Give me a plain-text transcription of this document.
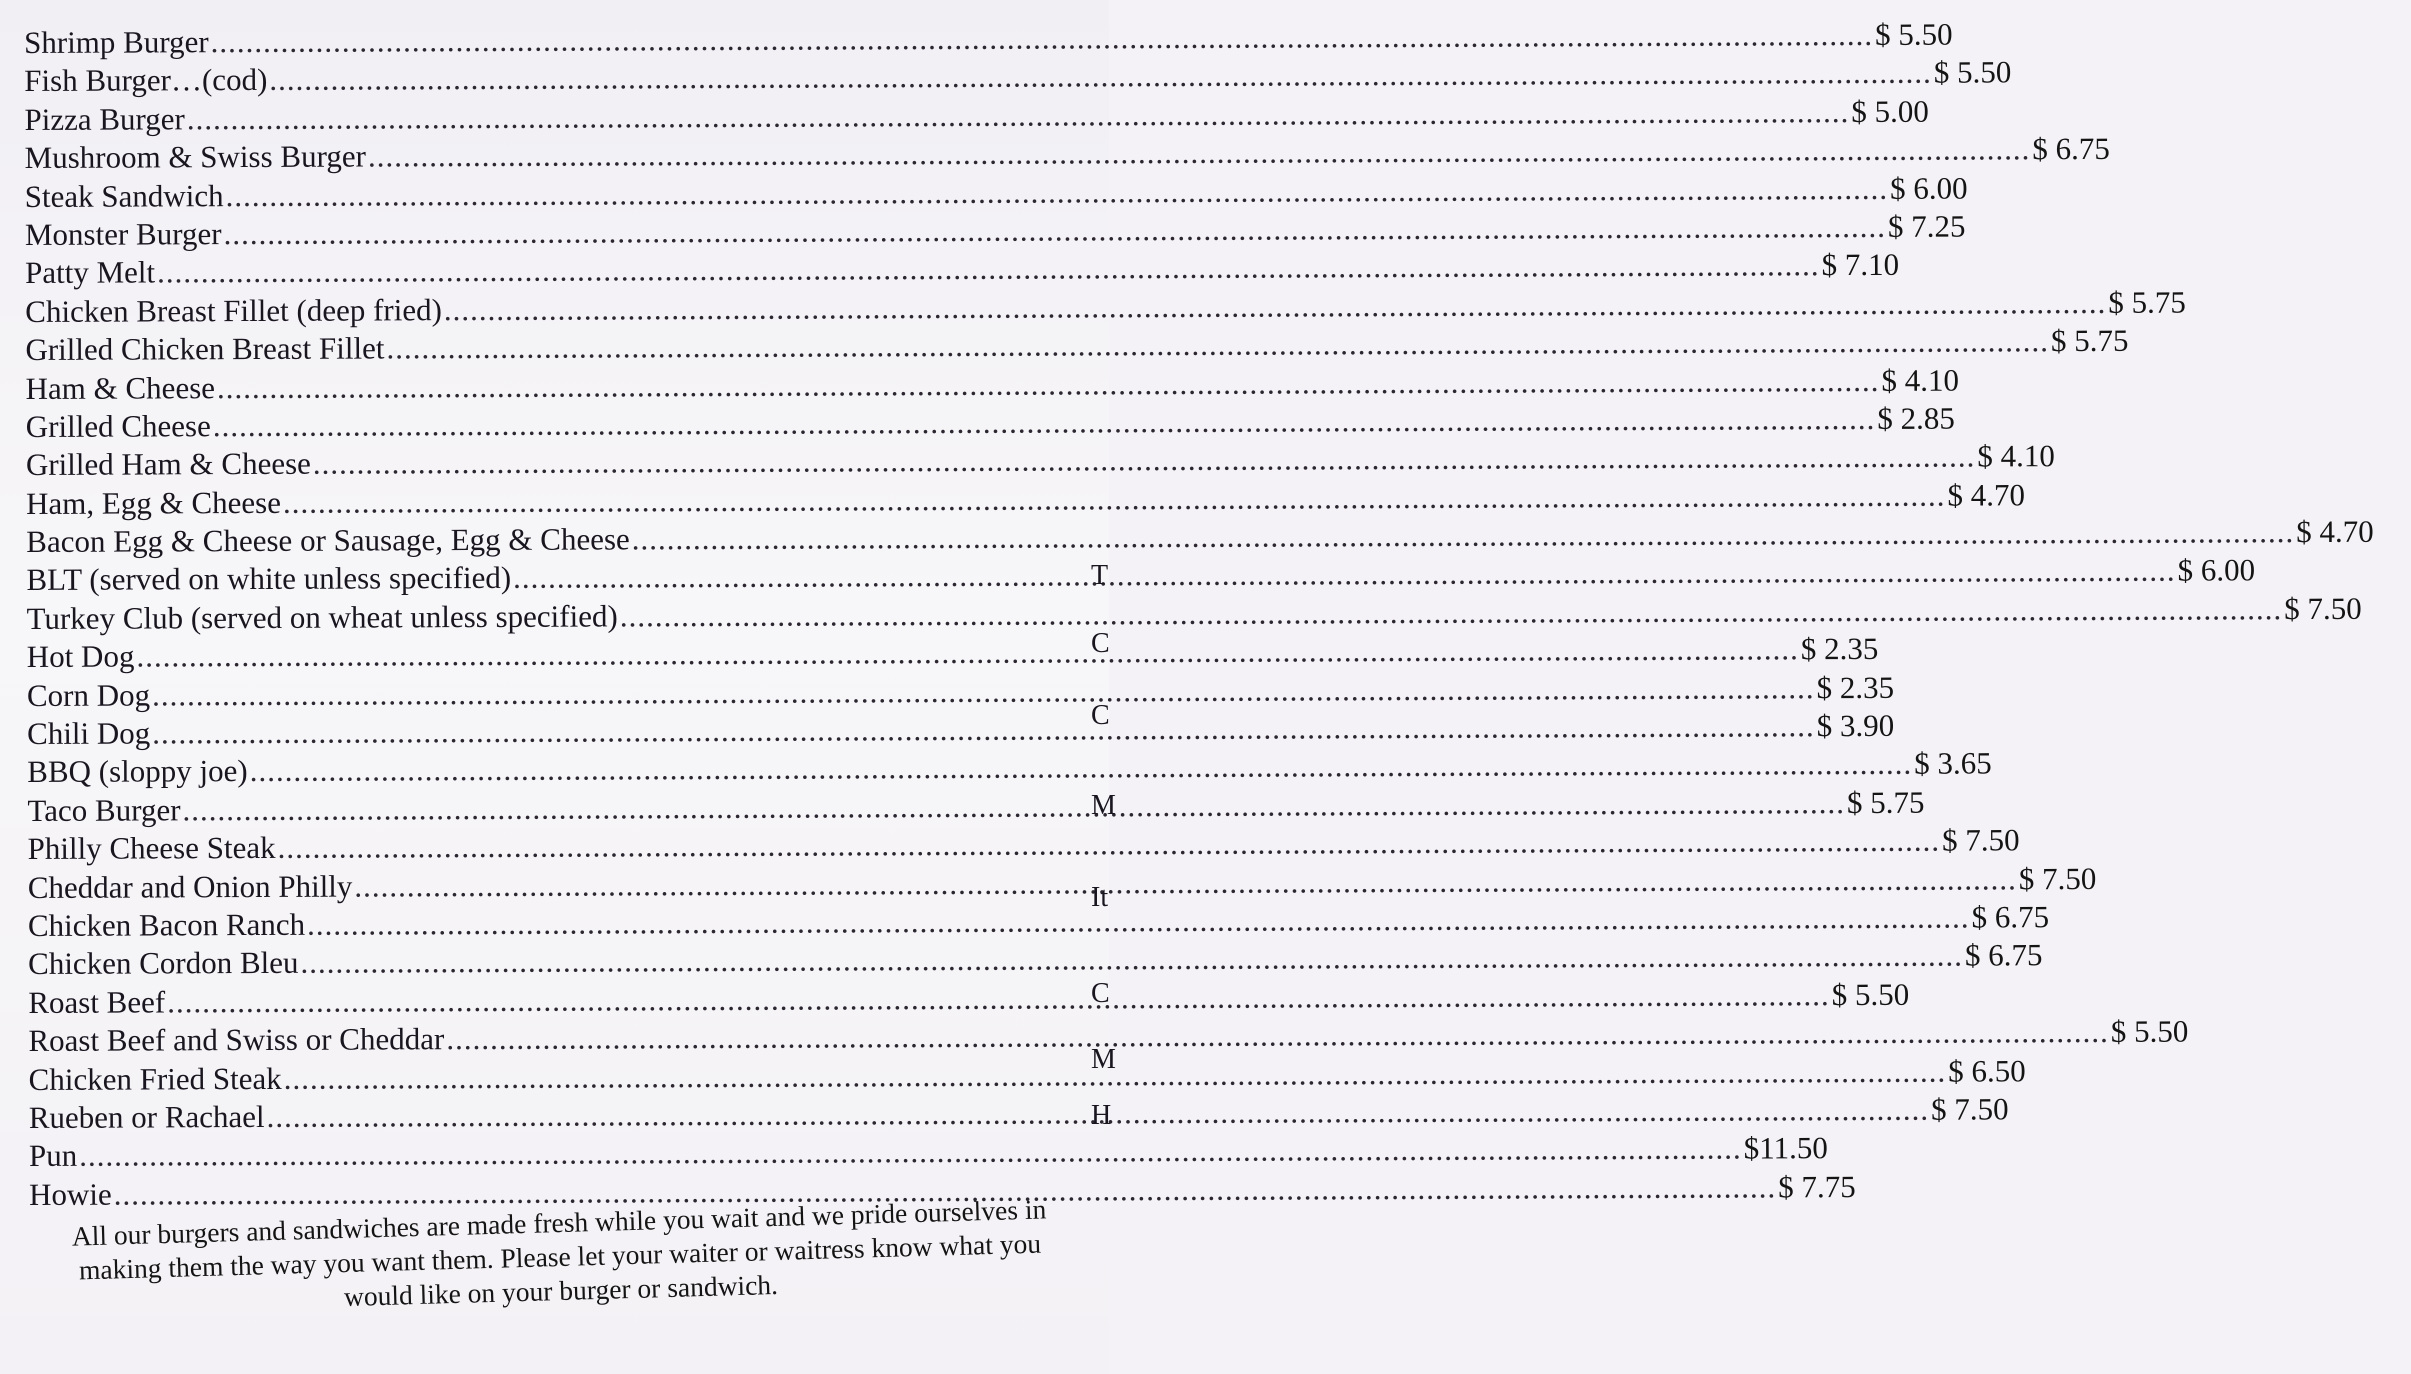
Shrimp Burger .....	$ 5.50
Fish Burger…(cod) .....	$ 5.50
Pizza Burger .....	$ 5.00
Mushroom & Swiss Burger .....	$ 6.75
Steak Sandwich .....	$ 6.00
Monster Burger .....	$ 7.25
Patty Melt .....	$ 7.10
Chicken Breast Fillet (deep fried) .....	$ 5.75
Grilled Chicken Breast Fillet .....	$ 5.75
Ham & Cheese .....	$ 4.10
Grilled Cheese .....	$ 2.85
Grilled Ham & Cheese .....	$ 4.10
Ham, Egg & Cheese .....	$ 4.70
Bacon Egg & Cheese or Sausage, Egg & Cheese .....	$ 4.70
BLT (served on white unless specified) .....	$ 6.00
Turkey Club (served on wheat unless specified) .....	$ 7.50
Hot Dog .....	$ 2.35
Corn Dog .....	$ 2.35
Chili Dog .....	$ 3.90
BBQ (sloppy joe) .....	$ 3.65
Taco Burger .....	$ 5.75
Philly Cheese Steak .....	$ 7.50
Cheddar and Onion Philly .....	$ 7.50
Chicken Bacon Ranch .....	$ 6.75
Chicken Cordon Bleu .....	$ 6.75
Roast Beef .....	$ 5.50
Roast Beef and Swiss or Cheddar .....	$ 5.50
Chicken Fried Steak .....	$ 6.50
Rueben or Rachael .....	$ 7.50
Pun .....	$11.50
Howie .....	$ 7.75

All our burgers and sandwiches are made fresh while you wait and we pride ourselves in making them the way you want them. Please let your waiter or waitress know what you would like on your burger or sandwich.

T
C
C
M
It
C
M
H
